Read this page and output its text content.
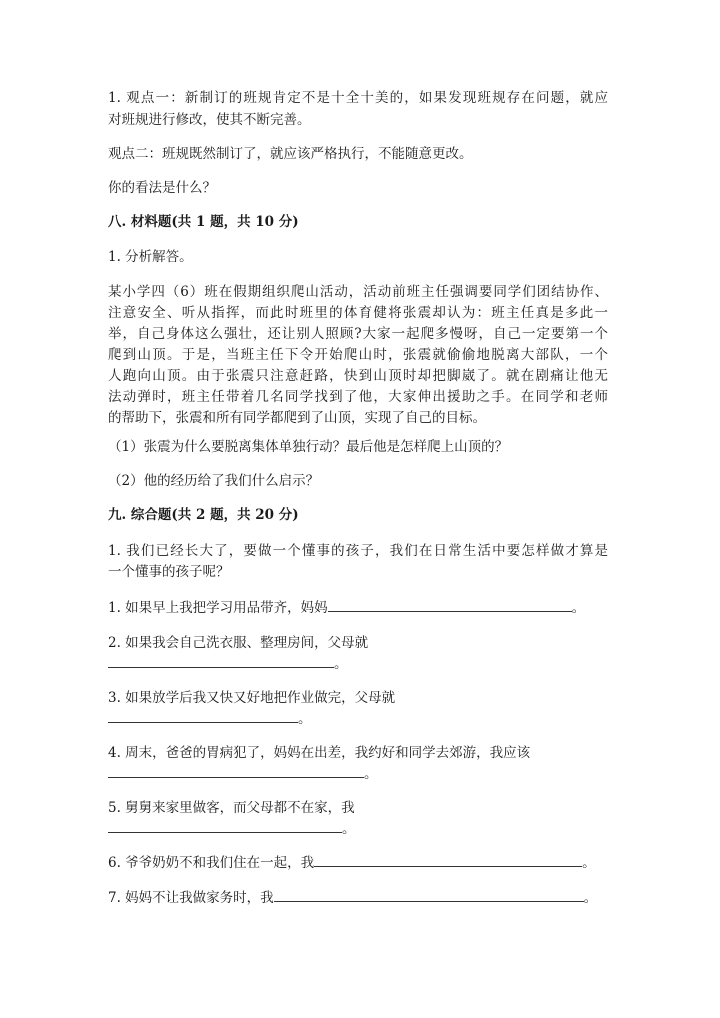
1. 观点一：新制订的班规肯定不是十全十美的，如果发现班规存在问题，就应
对班规进行修改，使其不断完善。
观点二：班规既然制订了，就应该严格执行，不能随意更改。
你的看法是什么？
八. 材料题(共 1 题，共 10 分)
1. 分析解答。
某小学四（6）班在假期组织爬山活动，活动前班主任强调要同学们团结协作、
注意安全、听从指挥，而此时班里的体育健将张震却认为：班主任真是多此一
举，自己身体这么强壮，还让别人照顾?大家一起爬多慢呀，自己一定要第一个
爬到山顶。于是，当班主任下令开始爬山时，张震就偷偷地脱离大部队，一个
人跑向山顶。由于张震只注意赶路，快到山顶时却把脚崴了。就在剧痛让他无
法动弹时，班主任带着几名同学找到了他，大家伸出援助之手。在同学和老师
的帮助下，张震和所有同学都爬到了山顶，实现了自己的目标。
（1）张震为什么要脱离集体单独行动？最后他是怎样爬上山顶的？
（2）他的经历给了我们什么启示？
九. 综合题(共 2 题，共 20 分)
1. 我们已经长大了，要做一个懂事的孩子，我们在日常生活中要怎样做才算是
一个懂事的孩子呢？
1. 如果早上我把学习用品带齐，妈妈	。
2. 如果我会自己洗衣服、整理房间，父母就
。
3. 如果放学后我又快又好地把作业做完，父母就
。
4. 周末，爸爸的胃病犯了，妈妈在出差，我约好和同学去郊游，我应该
。
5. 舅舅来家里做客，而父母都不在家，我
。
6. 爷爷奶奶不和我们住在一起，我	。
7. 妈妈不让我做家务时，我	。
